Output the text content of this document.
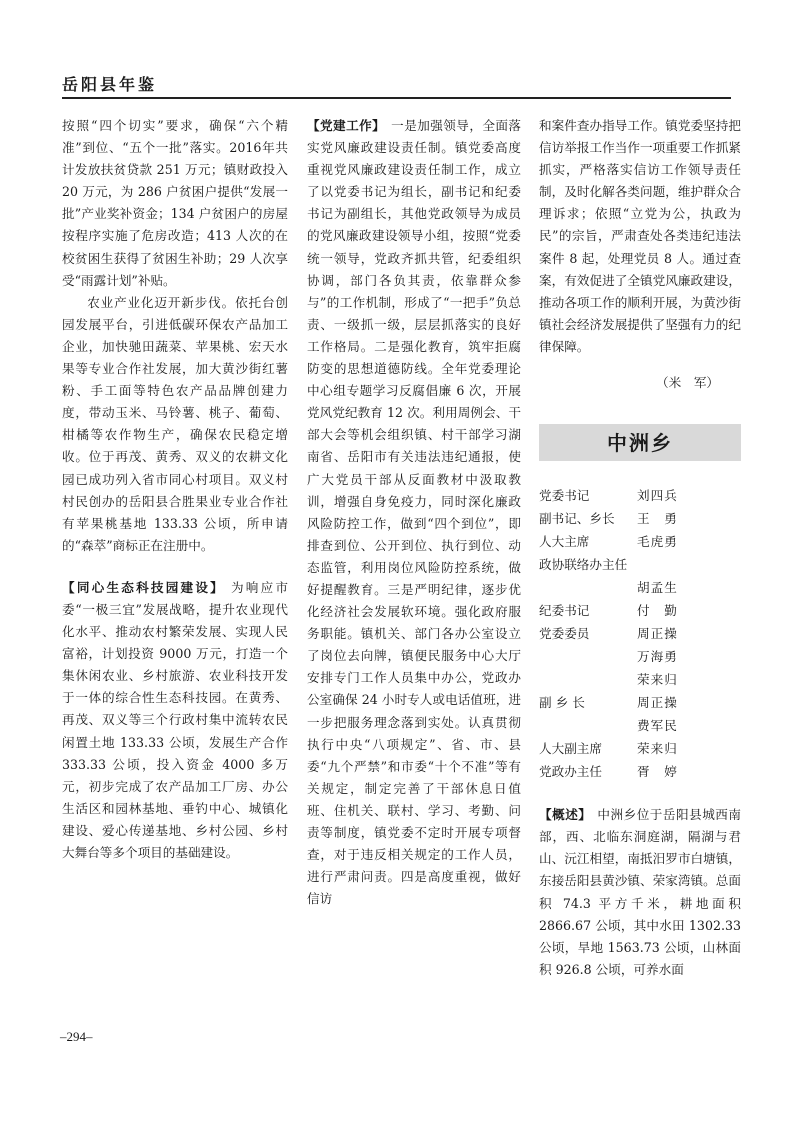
岳阳县年鉴

按照“四个切实”要求，确保“六个精准”到位、“五个一批”落实。2016年共计发放扶贫贷款 251 万元；镇财政投入 20 万元，为 286 户贫困户提供“发展一批”产业奖补资金；134 户贫困户的房屋按程序实施了危房改造；413 人次的在校贫困生获得了贫困生补助；29 人次享受“雨露计划”补贴。

农业产业化迈开新步伐。依托台创园发展平台，引进低碳环保农产品加工企业，加快驰田蔬菜、苹果桃、宏天水果等专业合作社发展，加大黄沙街红薯粉、手工面等特色农产品品牌创建力度，带动玉米、马铃薯、桃子、葡萄、柑橘等农作物生产，确保农民稳定增收。位于再茂、黄秀、双义的农耕文化园已成功列入省市同心村项目。双义村村民创办的岳阳县合胜果业专业合作社有苹果桃基地 133.33 公顷，所申请的“森萃”商标正在注册中。

【同心生态科技园建设】 为响应市委“一极三宜”发展战略，提升农业现代化水平、推动农村繁荣发展、实现人民富裕，计划投资 9000 万元，打造一个集休闲农业、乡村旅游、农业科技开发于一体的综合性生态科技园。在黄秀、再茂、双义等三个行政村集中流转农民闲置土地 133.33 公顷，发展生产合作 333.33 公顷，投入资金 4000 多万元，初步完成了农产品加工厂房、办公生活区和园林基地、垂钓中心、城镇化建设、爱心传递基地、乡村公园、乡村大舞台等多个项目的基础建设。

【党建工作】 一是加强领导，全面落实党风廉政建设责任制。镇党委高度重视党风廉政建设责任制工作，成立了以党委书记为组长，副书记和纪委书记为副组长，其他党政领导为成员的党风廉政建设领导小组，按照“党委统一领导，党政齐抓共管，纪委组织协调，部门各负其责，依靠群众参与”的工作机制，形成了“一把手”负总责、一级抓一级，层层抓落实的良好工作格局。二是强化教育，筑牢拒腐防变的思想道德防线。全年党委理论中心组专题学习反腐倡廉 6 次，开展党风党纪教育 12 次。利用周例会、干部大会等机会组织镇、村干部学习湖南省、岳阳市有关违法违纪通报，使广大党员干部从反面教材中汲取教训，增强自身免疫力，同时深化廉政风险防控工作，做到“四个到位”，即排查到位、公开到位、执行到位、动态监管，利用岗位风险防控系统，做好提醒教育。三是严明纪律，逐步优化经济社会发展软环境。强化政府服务职能。镇机关、部门各办公室设立了岗位去向牌，镇便民服务中心大厅安排专门工作人员集中办公，党政办公室确保 24 小时专人或电话值班，进一步把服务理念落到实处。认真贯彻执行中央“八项规定”、省、市、县委“九个严禁”和市委“十个不准”等有关规定，制定完善了干部休息日值班、住机关、联村、学习、考勤、问责等制度，镇党委不定时开展专项督查，对于违反相关规定的工作人员，进行严肃问责。四是高度重视，做好信访

和案件查办指导工作。镇党委坚持把信访举报工作当作一项重要工作抓紧抓实，严格落实信访工作领导责任制，及时化解各类问题，维护群众合理诉求；依照“立党为公，执政为民”的宗旨，严肃查处各类违纪违法案件 8 起，处理党员 8 人。通过查案，有效促进了全镇党风廉政建设，推动各项工作的顺利开展，为黄沙街镇社会经济发展提供了坚强有力的纪律保障。

（米　军）
中洲乡
党委书记	刘四兵
副书记、乡长 王　勇
人大主席	毛虎勇
政协联络办主任
胡孟生
纪委书记	付　勤
党委委员	周正操
万海勇
荣来归
副 乡 长	周正操
费军民
人大副主席	荣来归
党政办主任	胥　婷

【概述】 中洲乡位于岳阳县城西南部，西、北临东洞庭湖，隔湖与君山、沅江相望，南抵汨罗市白塘镇，东接岳阳县黄沙镇、荣家湾镇。总面积 74.3 平方千米，耕地面积 2866.67 公顷，其中水田 1302.33 公顷，旱地 1563.73 公顷，山林面积 926.8 公顷，可养水面

–294–
